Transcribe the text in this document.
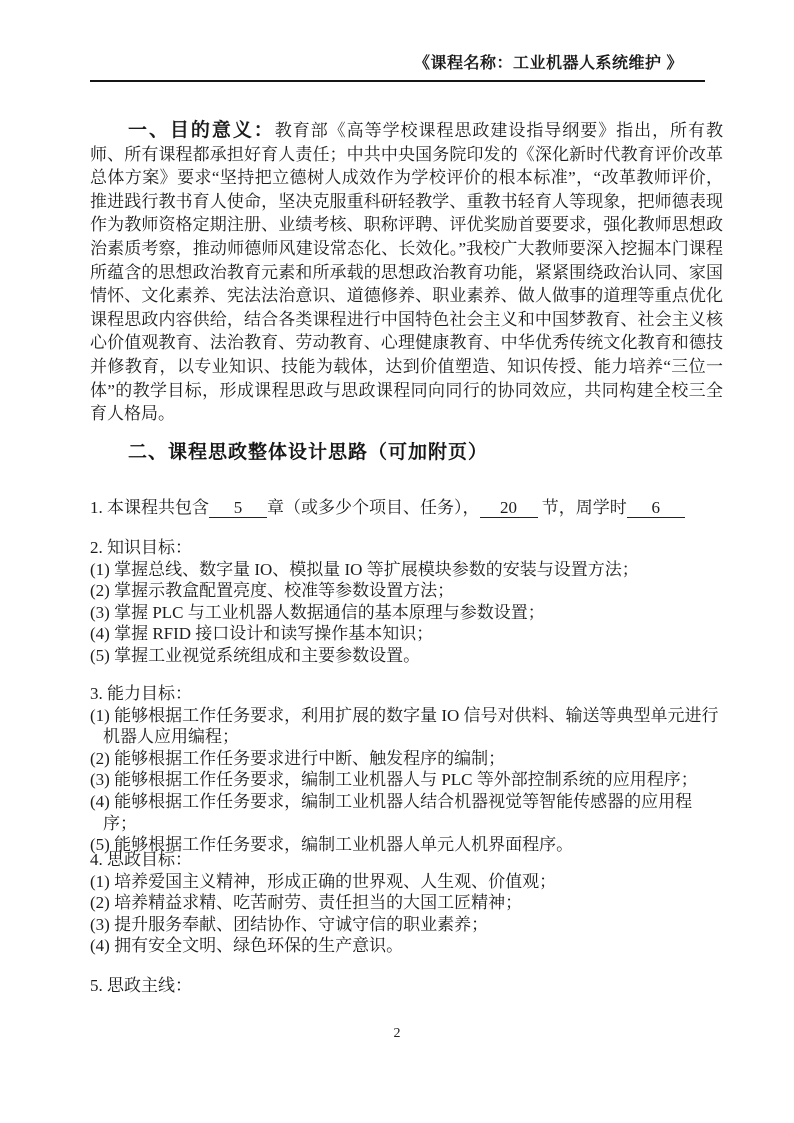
《课程名称：工业机器人系统维护 》

一、目的意义：教育部《高等学校课程思政建设指导纲要》指出，所有教师、所有课程都承担好育人责任；中共中央国务院印发的《深化新时代教育评价改革总体方案》要求“坚持把立德树人成效作为学校评价的根本标准”，“改革教师评价，推进践行教书育人使命，坚决克服重科研轻教学、重教书轻育人等现象，把师德表现作为教师资格定期注册、业绩考核、职称评聘、评优奖励首要要求，强化教师思想政治素质考察，推动师德师风建设常态化、长效化。”我校广大教师要深入挖掘本门课程所蕴含的思想政治教育元素和所承载的思想政治教育功能，紧紧围绕政治认同、家国情怀、文化素养、宪法法治意识、道德修养、职业素养、做人做事的道理等重点优化课程思政内容供给，结合各类课程进行中国特色社会主义和中国梦教育、社会主义核心价值观教育、法治教育、劳动教育、心理健康教育、中华优秀传统文化教育和德技并修教育，以专业知识、技能为载体，达到价值塑造、知识传授、能力培养“三位一体”的教学目标，形成课程思政与思政课程同向同行的协同效应，共同构建全校三全育人格局。

二、课程思政整体设计思路（可加附页）
1. 本课程共包含 5 章（或多少个项目、任务）， 20 节，周学时 6
2. 知识目标：
(1) 掌握总线、数字量 IO、模拟量 IO 等扩展模块参数的安装与设置方法；
(2) 掌握示教盒配置亮度、校准等参数设置方法；
(3) 掌握 PLC 与工业机器人数据通信的基本原理与参数设置；
(4) 掌握 RFID 接口设计和读写操作基本知识；
(5) 掌握工业视觉系统组成和主要参数设置。
3. 能力目标：
(1) 能够根据工作任务要求，利用扩展的数字量 IO 信号对供料、输送等典型单元进行机器人应用编程；
(2) 能够根据工作任务要求进行中断、触发程序的编制；
(3) 能够根据工作任务要求，编制工业机器人与 PLC 等外部控制系统的应用程序；
(4) 能够根据工作任务要求，编制工业机器人结合机器视觉等智能传感器的应用程序；
(5) 能够根据工作任务要求，编制工业机器人单元人机界面程序。
4. 思政目标：
(1) 培养爱国主义精神，形成正确的世界观、人生观、价值观；
(2) 培养精益求精、吃苦耐劳、责任担当的大国工匠精神；
(3) 提升服务奉献、团结协作、守诚守信的职业素养；
(4) 拥有安全文明、绿色环保的生产意识。
5. 思政主线：
2
